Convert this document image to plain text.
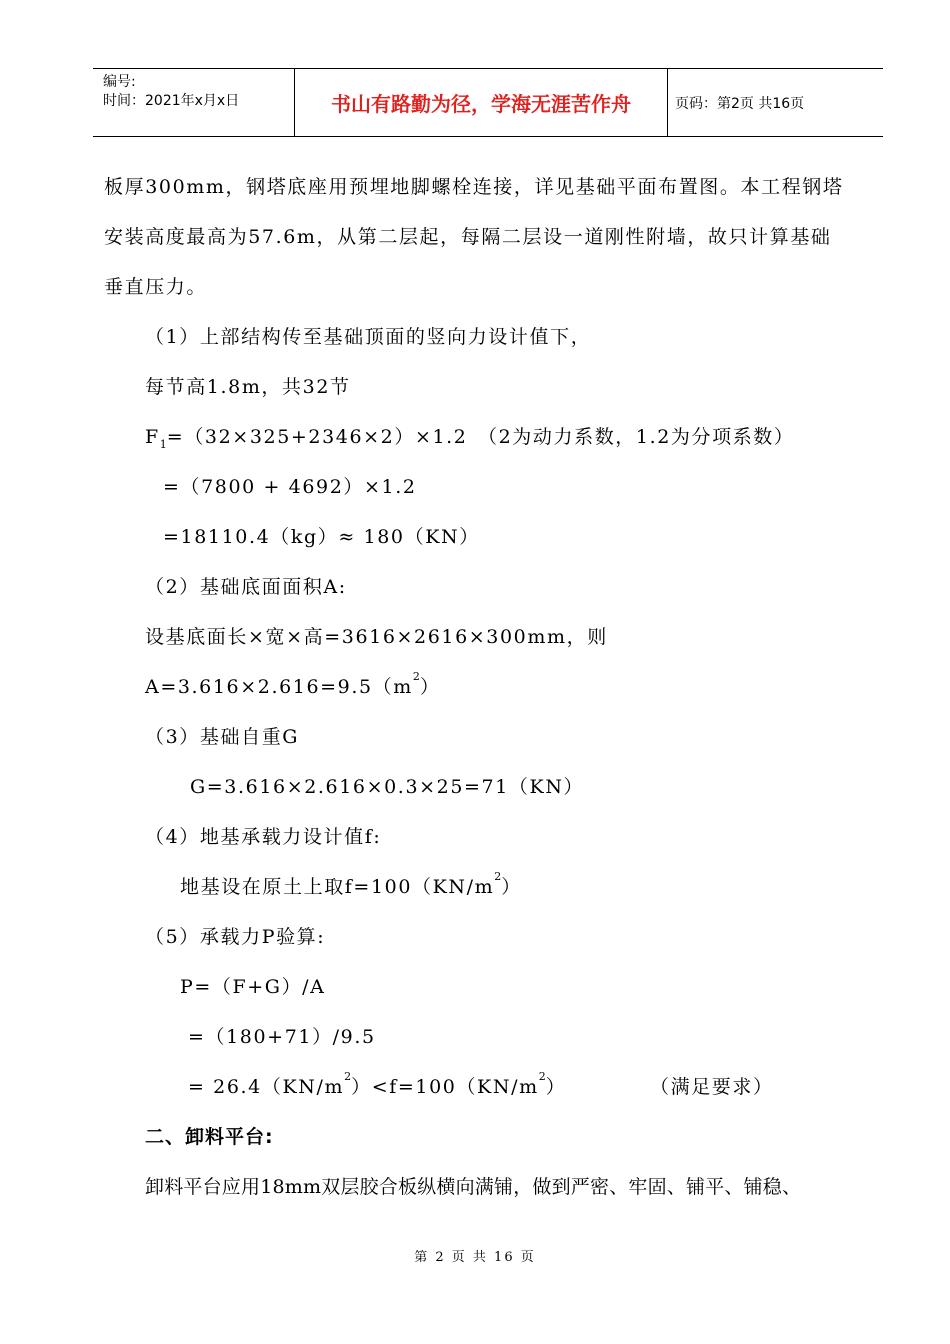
编号:
时间：2021年x月x日	书山有路勤为径，学海无涯苦作舟	页码：第2页 共16页
板厚300mm，钢塔底座用预埋地脚螺栓连接，详见基础平面布置图。本工程钢塔
安装高度最高为57.6m，从第二层起，每隔二层设一道刚性附墙，故只计算基础
垂直压力。
（1）上部结构传至基础顶面的竖向力设计值下，
每节高1.8m，共32节
$F_1=(32\times 325+2346\times 2)\times 1.2$ （2为动力系数，1.2为分项系数）
=（7800 + 4692）×1.2
=18110.4（kg）≈ 180（KN）
（2）基础底面面积A:
设基底面长×宽×高=3616×2616×300mm，则
$A=3.616\times 2.616=9.5(m^2)$
（3）基础自重G
G=3.616×2.616×0.3×25=71（KN）
（4）地基承载力设计值f:
地基设在原土上取$f=100(KN/m^2)$
（5）承载力P验算:
P=（F+G）/A
=（180+71）/9.5
= $26.4(KN/m^2)<f=100(KN/m^2)$	（满足要求）
二、卸料平台:
卸料平台应用18mm双层胶合板纵横向满铺，做到严密、牢固、铺平、铺稳、
第 2 页 共 16 页
